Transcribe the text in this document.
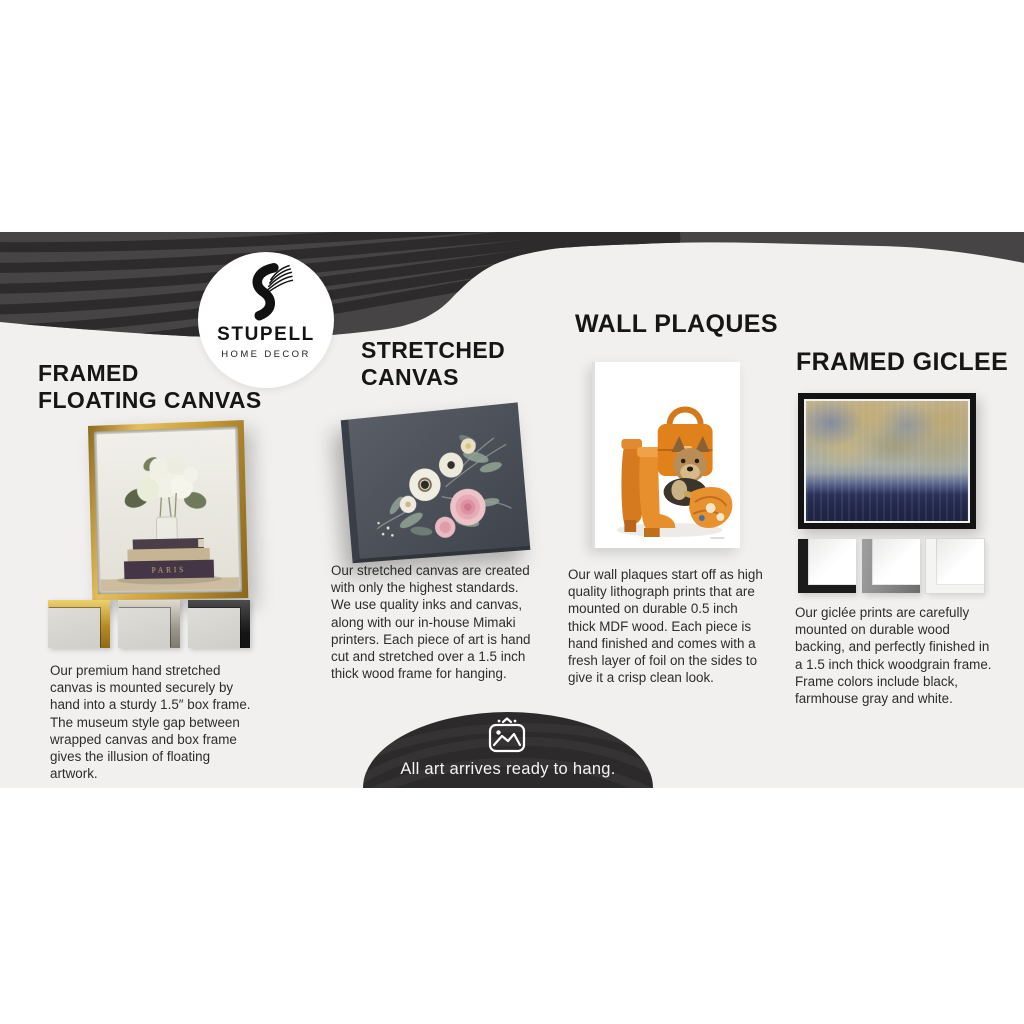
STUPELL
HOME DECOR
FRAMED
FLOATING CANVAS
STRETCHED
CANVAS
WALL PLAQUES
FRAMED GICLEE
PARIS
Our premium hand stretched canvas is mounted securely by hand into a sturdy 1.5″ box frame. The museum style gap between wrapped canvas and box frame gives the illusion of floating artwork.
Our stretched canvas are created with only the highest standards. We use quality inks and canvas, along with our in-house Mimaki printers. Each piece of art is hand cut and stretched over a 1.5 inch thick wood frame for hanging.
Our wall plaques start off as high quality lithograph prints that are mounted on durable 0.5 inch thick MDF wood. Each piece is hand finished and comes with a fresh layer of foil on the sides to give it a crisp clean look.
Our giclée prints are carefully mounted on durable wood backing, and perfectly finished in a 1.5 inch thick woodgrain frame. Frame colors include black, farmhouse gray and white.
All art arrives ready to hang.
